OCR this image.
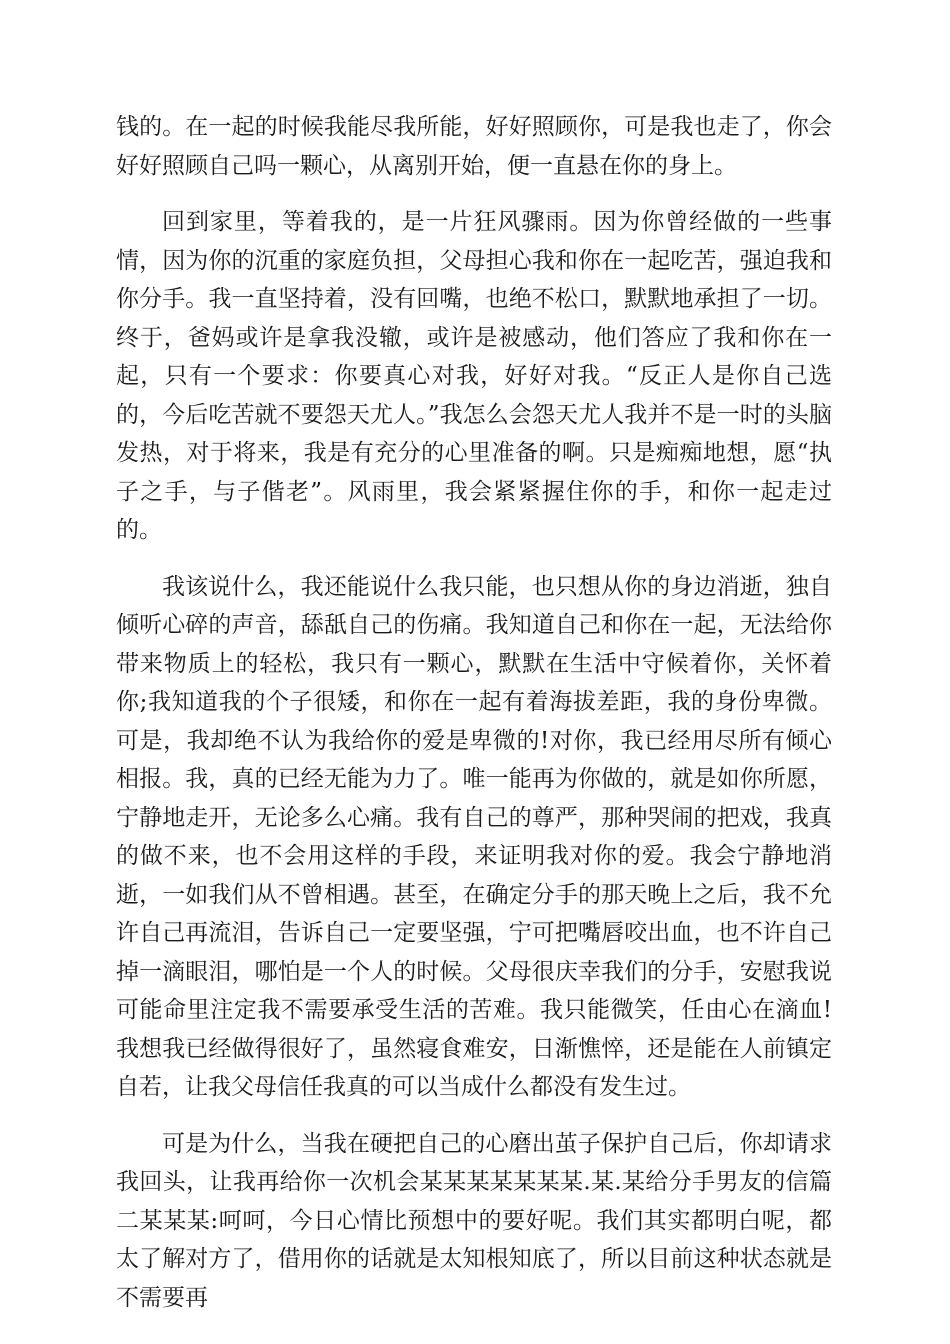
钱的。在一起的时候我能尽我所能，好好照顾你，可是我也走了，你会好好照顾自己吗一颗心，从离别开始，便一直悬在你的身上。

回到家里，等着我的，是一片狂风骤雨。因为你曾经做的一些事情，因为你的沉重的家庭负担，父母担心我和你在一起吃苦，强迫我和你分手。我一直坚持着，没有回嘴，也绝不松口，默默地承担了一切。终于，爸妈或许是拿我没辙，或许是被感动，他们答应了我和你在一起，只有一个要求：你要真心对我，好好对我。“反正人是你自己选的，今后吃苦就不要怨天尤人。”我怎么会怨天尤人我并不是一时的头脑发热，对于将来，我是有充分的心里准备的啊。只是痴痴地想，愿“执子之手，与子偕老”。风雨里，我会紧紧握住你的手，和你一起走过的。

我该说什么，我还能说什么我只能，也只想从你的身边消逝，独自倾听心碎的声音，舔舐自己的伤痛。我知道自己和你在一起，无法给你带来物质上的轻松，我只有一颗心，默默在生活中守候着你，关怀着你;我知道我的个子很矮，和你在一起有着海拔差距，我的身份卑微。可是，我却绝不认为我给你的爱是卑微的!对你，我已经用尽所有倾心相报。我，真的已经无能为力了。唯一能再为你做的，就是如你所愿，宁静地走开，无论多么心痛。我有自己的尊严，那种哭闹的把戏，我真的做不来，也不会用这样的手段，来证明我对你的爱。我会宁静地消逝，一如我们从不曾相遇。甚至，在确定分手的那天晚上之后，我不允许自己再流泪，告诉自己一定要坚强，宁可把嘴唇咬出血，也不许自己掉一滴眼泪，哪怕是一个人的时候。父母很庆幸我们的分手，安慰我说可能命里注定我不需要承受生活的苦难。我只能微笑，任由心在滴血!我想我已经做得很好了，虽然寝食难安，日渐憔悴，还是能在人前镇定自若，让我父母信任我真的可以当成什么都没有发生过。

可是为什么，当我在硬把自己的心磨出茧子保护自己后，你却请求我回头，让我再给你一次机会某某某某某某某.某.某给分手男友的信篇二某某某:呵呵，今日心情比预想中的要好呢。我们其实都明白呢，都太了解对方了，借用你的话就是太知根知底了，所以目前这种状态就是不需要再
